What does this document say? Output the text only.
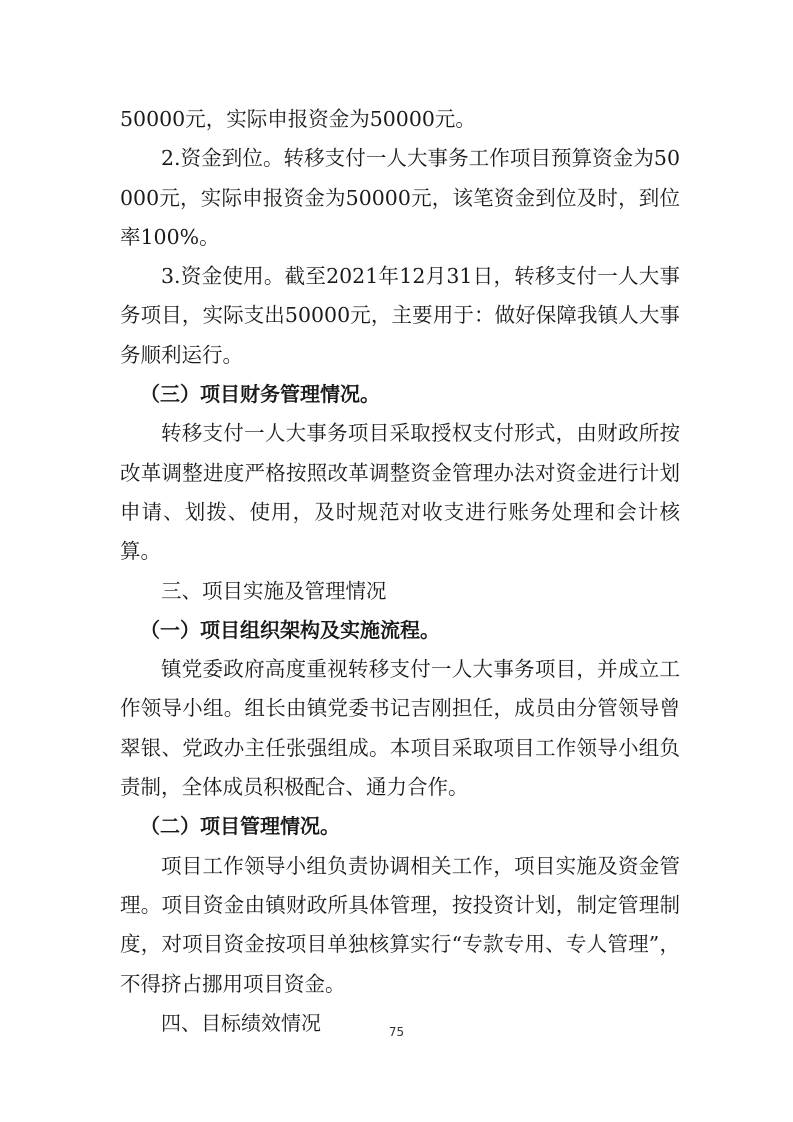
50000元，实际申报资金为50000元。

2.资金到位。转移支付一人大事务工作项目预算资金为50000元，实际申报资金为50000元，该笔资金到位及时，到位率100%。

3.资金使用。截至2021年12月31日，转移支付一人大事务项目，实际支出50000元，主要用于：做好保障我镇人大事务顺利运行。

（三）项目财务管理情况。

转移支付一人大事务项目采取授权支付形式，由财政所按改革调整进度严格按照改革调整资金管理办法对资金进行计划申请、划拨、使用，及时规范对收支进行账务处理和会计核算。

三、项目实施及管理情况

（一）项目组织架构及实施流程。

镇党委政府高度重视转移支付一人大事务项目，并成立工作领导小组。组长由镇党委书记吉刚担任，成员由分管领导曾翠银、党政办主任张强组成。本项目采取项目工作领导小组负责制，全体成员积极配合、通力合作。

（二）项目管理情况。

项目工作领导小组负责协调相关工作，项目实施及资金管理。项目资金由镇财政所具体管理，按投资计划，制定管理制度，对项目资金按项目单独核算实行“专款专用、专人管理”，不得挤占挪用项目资金。

四、目标绩效情况	75
